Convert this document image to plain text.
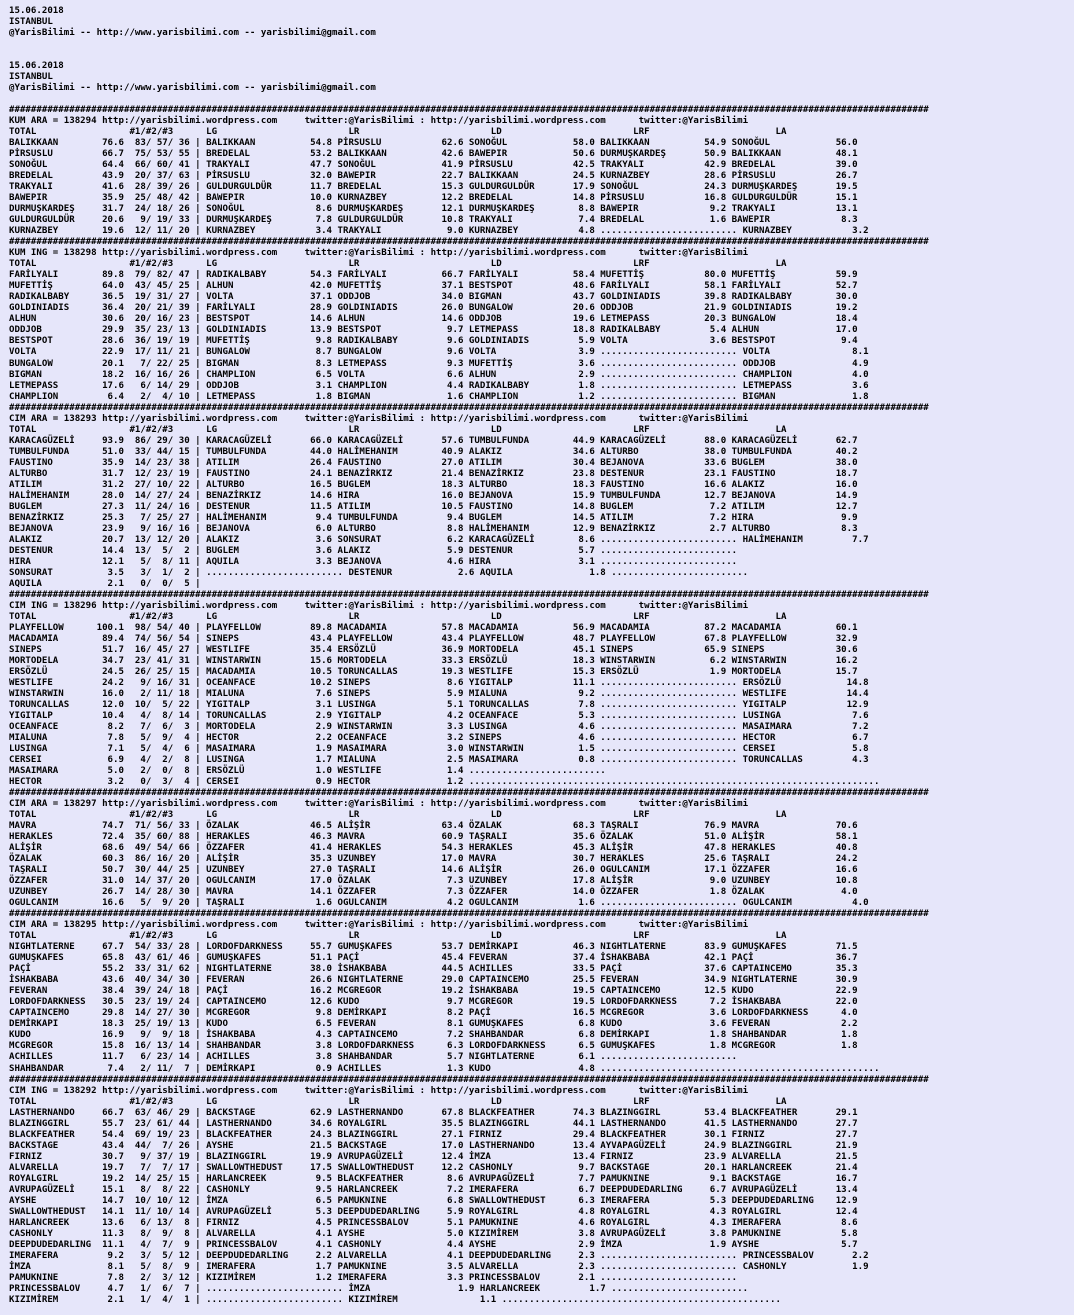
15.06.2018
ISTANBUL
@YarisBilimi -- http://www.yarisbilimi.com -- yarisbilimi@gmail.com

15.06.2018
ISTANBUL
@YarisBilimi -- http://www.yarisbilimi.com -- yarisbilimi@gmail.com

########################################################################################################################################################################
KUM ARA = 138294 http://yarisbilimi.wordpress.com     twitter:@YarisBilimi : http://yarisbilimi.wordpress.com      twitter:@YarisBilimi
TOTAL                 #1/#2/#3      LG                        LR                        LD                        LRF                       LA
BALIKKAAN        76.6  83/ 57/ 36 | BALIKKAAN          54.8 PİRSUSLU           62.6 SONOĞUL            58.0 BALIKKAAN          54.9 SONOĞUL            56.0
PİRSUSLU         66.7  75/ 53/ 55 | BREDELAL           53.2 BALIKKAAN          42.6 BAWEPIR            50.6 DURMUŞKARDEŞ       50.9 BALIKKAAN          48.1
SONOĞUL          64.4  66/ 60/ 41 | TRAKYALI           47.7 SONOĞUL            41.9 PİRSUSLU           42.5 TRAKYALI           42.9 BREDELAL           39.0
BREDELAL         43.9  20/ 37/ 63 | PİRSUSLU           32.0 BAWEPIR            22.7 BALIKKAAN          24.5 KURNAZBEY          28.6 PİRSUSLU           26.7
TRAKYALI         41.6  28/ 39/ 26 | GULDURGULDÜR       11.7 BREDELAL           15.3 GULDURGULDÜR       17.9 SONOĞUL            24.3 DURMUŞKARDEŞ       19.5
BAWEPIR          35.9  25/ 48/ 42 | BAWEPIR            10.0 KURNAZBEY          12.2 BREDELAL           14.8 PİRSUSLU           16.8 GULDURGULDÜR       15.1
DURMUŞKARDEŞ     31.7  24/ 18/ 26 | SONOĞUL             8.6 DURMUŞKARDEŞ       12.1 DURMUŞKARDEŞ        8.8 BAWEPIR             9.2 TRAKYALI           13.1
GULDURGULDÜR     20.6   9/ 19/ 33 | DURMUŞKARDEŞ        7.8 GULDURGULDÜR       10.8 TRAKYALI            7.4 BREDELAL            1.6 BAWEPIR             8.3
KURNAZBEY        19.6  12/ 11/ 20 | KURNAZBEY           3.4 TRAKYALI            9.0 KURNAZBEY           4.8 ......................... KURNAZBEY           3.2
########################################################################################################################################################################
KUM ING = 138298 http://yarisbilimi.wordpress.com     twitter:@YarisBilimi : http://yarisbilimi.wordpress.com      twitter:@YarisBilimi
TOTAL                 #1/#2/#3      LG                        LR                        LD                        LRF                       LA
FARİLYALI        89.8  79/ 82/ 47 | RADIKALBABY        54.3 FARİLYALI          66.7 FARİLYALI          58.4 MUFETTİŞ           80.0 MUFETTİŞ           59.9
MUFETTİŞ         64.0  43/ 45/ 25 | ALHUN              42.0 MUFETTİŞ           37.1 BESTSPOT           48.6 FARİLYALI          58.1 FARİLYALI          52.7
RADIKALBABY      36.5  19/ 31/ 27 | VOLTA              37.1 ODDJOB             34.0 BIGMAN             43.7 GOLDINIADIS        39.8 RADIKALBABY        30.0
GOLDINIADIS      36.4  20/ 21/ 39 | FARİLYALI          28.9 GOLDINIADIS        26.0 BUNGALOW           20.6 ODDJOB             21.9 GOLDINIADIS        19.2
ALHUN            30.6  20/ 16/ 23 | BESTSPOT           14.6 ALHUN              14.6 ODDJOB             19.6 LETMEPASS          20.3 BUNGALOW           18.4
ODDJOB           29.9  35/ 23/ 13 | GOLDINIADIS        13.9 BESTSPOT            9.7 LETMEPASS          18.8 RADIKALBABY         5.4 ALHUN              17.0
BESTSPOT         28.6  36/ 19/ 19 | MUFETTİŞ            9.8 RADIKALBABY         9.6 GOLDINIADIS         5.9 VOLTA               3.6 BESTSPOT            9.4
VOLTA            22.9  17/ 11/ 21 | BUNGALOW            8.7 BUNGALOW            9.6 VOLTA               3.9 ......................... VOLTA               8.1
BUNGALOW         20.1   7/ 22/ 25 | BIGMAN              8.3 LETMEPASS           9.3 MUFETTİŞ            3.6 ......................... ODDJOB              4.9
BIGMAN           18.2  16/ 16/ 26 | CHAMPLION           6.5 VOLTA               6.6 ALHUN               2.9 ......................... CHAMPLION           4.0
LETMEPASS        17.6   6/ 14/ 29 | ODDJOB              3.1 CHAMPLION           4.4 RADIKALBABY         1.8 ......................... LETMEPASS           3.6
CHAMPLION         6.4   2/  4/ 10 | LETMEPASS           1.8 BIGMAN              1.6 CHAMPLION           1.2 ......................... BIGMAN              1.8
########################################################################################################################################################################
CIM ARA = 138293 http://yarisbilimi.wordpress.com     twitter:@YarisBilimi : http://yarisbilimi.wordpress.com      twitter:@YarisBilimi
TOTAL                 #1/#2/#3      LG                        LR                        LD                        LRF                       LA
KARACAGÜZELİ     93.9  86/ 29/ 30 | KARACAGÜZELİ       66.0 KARACAGÜZELİ       57.6 TUMBULFUNDA        44.9 KARACAGÜZELİ       88.0 KARACAGÜZELİ       62.7
TUMBULFUNDA      51.0  33/ 44/ 15 | TUMBULFUNDA        44.0 HALİMEHANIM        40.9 ALAKIZ             34.6 ALTURBO            38.0 TUMBULFUNDA        40.2
FAUSTINO         35.9  14/ 23/ 38 | ATILIM             26.4 FAUSTINO           27.0 ATILIM             30.4 BEJANOVA           33.6 BUGLEM             38.0
ALTURBO          31.7  12/ 23/ 19 | FAUSTINO           24.1 BENAZİRKIZ         21.4 BENAZİRKIZ         23.8 DESTENUR           23.1 FAUSTINO           18.7
ATILIM           31.2  27/ 10/ 22 | ALTURBO            16.5 BUGLEM             18.3 ALTURBO            18.3 FAUSTINO           16.6 ALAKIZ             16.0
HALİMEHANIM      28.0  14/ 27/ 24 | BENAZİRKIZ         14.6 HIRA               16.0 BEJANOVA           15.9 TUMBULFUNDA        12.7 BEJANOVA           14.9
BUGLEM           27.3  11/ 24/ 16 | DESTENUR           11.5 ATILIM             10.5 FAUSTINO           14.8 BUGLEM              7.2 ATILIM             12.7
BENAZİRKIZ       25.3   7/ 25/ 27 | HALİMEHANIM         9.4 TUMBULFUNDA         9.4 BUGLEM             14.5 ATILIM              7.2 HIRA                9.9
BEJANOVA         23.9   9/ 16/ 16 | BEJANOVA            6.0 ALTURBO             8.8 HALİMEHANIM        12.9 BENAZİRKIZ          2.7 ALTURBO             8.3
ALAKIZ           20.7  13/ 12/ 20 | ALAKIZ              3.6 SONSURAT            6.2 KARACAGÜZELİ        8.6 ......................... HALİMEHANIM         7.7
DESTENUR         14.4  13/  5/  2 | BUGLEM              3.6 ALAKIZ              5.9 DESTENUR            5.7 .........................
HIRA             12.1   5/  8/ 11 | AQUILA              3.3 BEJANOVA            4.6 HIRA                3.1 .........................
SONSURAT          3.5   3/  1/  2 | ......................... DESTENUR            2.6 AQUILA              1.8 .........................
AQUILA            2.1   0/  0/  5 |
########################################################################################################################################################################
CIM ING = 138296 http://yarisbilimi.wordpress.com     twitter:@YarisBilimi : http://yarisbilimi.wordpress.com      twitter:@YarisBilimi
TOTAL                 #1/#2/#3      LG                        LR                        LD                        LRF                       LA
PLAYFELLOW      100.1  98/ 54/ 40 | PLAYFELLOW         89.8 MACADAMIA          57.8 MACADAMIA          56.9 MACADAMIA          87.2 MACADAMIA          60.1
MACADAMIA        89.4  74/ 56/ 54 | SINEPS             43.4 PLAYFELLOW         43.4 PLAYFELLOW         48.7 PLAYFELLOW         67.8 PLAYFELLOW         32.9
SINEPS           51.7  16/ 45/ 27 | WESTLIFE           35.4 ERSÖZLÜ            36.9 MORTODELA          45.1 SINEPS             65.9 SINEPS             30.6
MORTODELA        34.7  23/ 41/ 31 | WINSTARWIN         15.6 MORTODELA          33.3 ERSÖZLÜ            18.3 WINSTARWIN          6.2 WINSTARWIN         16.2
ERSÖZLÜ          24.5  26/ 25/ 15 | MACADAMIA          10.5 TORUNCALLAS        19.3 WESTLIFE           15.3 ERSÖZLÜ             1.9 MORTODELA          15.7
WESTLIFE         24.2   9/ 16/ 31 | OCEANFACE          10.2 SINEPS              8.6 YIGITALP           11.1 ......................... ERSÖZLÜ            14.8
WINSTARWIN       16.0   2/ 11/ 18 | MIALUNA             7.6 SINEPS              5.9 MIALUNA             9.2 ......................... WESTLIFE           14.4
TORUNCALLAS      12.0  10/  5/ 22 | YIGITALP            3.1 LUSINGA             5.1 TORUNCALLAS         7.8 ......................... YIGITALP           12.9
YIGITALP         10.4   4/  8/ 14 | TORUNCALLAS         2.9 YIGITALP            4.2 OCEANFACE           5.3 ......................... LUSINGA             7.6
OCEANFACE         8.2   7/  6/  3 | MORTODELA           2.9 WINSTARWIN          3.3 LUSINGA             4.6 ......................... MASAIMARA           7.2
MIALUNA           7.8   5/  9/  4 | HECTOR              2.2 OCEANFACE           3.2 SINEPS              4.6 ......................... HECTOR              6.7
LUSINGA           7.1   5/  4/  6 | MASAIMARA           1.9 MASAIMARA           3.0 WINSTARWIN          1.5 ......................... CERSEI              5.8
CERSEI            6.9   4/  2/  8 | LUSINGA             1.7 MIALUNA             2.5 MASAIMARA           0.8 ......................... TORUNCALLAS         4.3
MASAIMARA         5.0   2/  0/  8 | ERSÖZLÜ             1.0 WESTLIFE            1.4 .........................
HECTOR            3.2   0/  3/  4 | CERSEI              0.9 HECTOR              1.2 ...........................................................................
########################################################################################################################################################################
CIM ARA = 138297 http://yarisbilimi.wordpress.com     twitter:@YarisBilimi : http://yarisbilimi.wordpress.com      twitter:@YarisBilimi
TOTAL                 #1/#2/#3      LG                        LR                        LD                        LRF                       LA
MAVRA            74.7  71/ 56/ 33 | ÖZALAK             46.5 ALİŞİR             63.4 ÖZALAK             68.3 TAŞRALI            76.9 MAVRA              70.6
HERAKLES         72.4  35/ 60/ 88 | HERAKLES           46.3 MAVRA              60.9 TAŞRALI            35.6 ÖZALAK             51.0 ALİŞİR             58.1
ALİŞİR           68.6  49/ 54/ 66 | ÖZZAFER            41.4 HERAKLES           54.3 HERAKLES           45.3 ALİŞİR             47.8 HERAKLES           40.8
ÖZALAK           60.3  86/ 16/ 20 | ALİŞİR             35.3 UZUNBEY            17.0 MAVRA              30.7 HERAKLES           25.6 TAŞRALI            24.2
TAŞRALI          50.7  30/ 44/ 25 | UZUNBEY            27.0 TAŞRALI            14.6 ALİŞİR             26.0 OGULCANIM          17.1 ÖZZAFER            16.6
ÖZZAFER          31.0  14/ 37/ 20 | OGULCANIM          17.0 ÖZALAK              7.3 UZUNBEY            17.8 ALİŞİR              9.0 UZUNBEY            10.8
UZUNBEY          26.7  14/ 28/ 30 | MAVRA              14.1 ÖZZAFER             7.3 ÖZZAFER            14.0 ÖZZAFER             1.8 ÖZALAK              4.0
OGULCANIM        16.6   5/  9/ 20 | TAŞRALI             1.6 OGULCANIM           4.2 OGULCANIM           1.6 ......................... OGULCANIM           4.0
########################################################################################################################################################################
CIM ARA = 138295 http://yarisbilimi.wordpress.com     twitter:@YarisBilimi : http://yarisbilimi.wordpress.com      twitter:@YarisBilimi
TOTAL                 #1/#2/#3      LG                        LR                        LD                        LRF                       LA
NIGHTLATERNE     67.7  54/ 33/ 28 | LORDOFDARKNESS     55.7 GUMUŞKAFES         53.7 DEMİRKAPI          46.3 NIGHTLATERNE       83.9 GUMUŞKAFES         71.5
GUMUŞKAFES       65.8  43/ 61/ 46 | GUMUŞKAFES         51.1 PAÇİ               45.4 FEVERAN            37.4 İSHAKBABA          42.1 PAÇİ               36.7
PAÇİ             55.2  33/ 31/ 62 | NIGHTLATERNE       38.0 İSHAKBABA          44.5 ACHILLES           33.5 PAÇİ               37.6 CAPTAINCEMO        35.3
İSHAKBABA        43.6  40/ 34/ 30 | FEVERAN            26.6 NIGHTLATERNE       29.0 CAPTAINCEMO        25.5 FEVERAN            34.9 NIGHTLATERNE       30.9
FEVERAN          38.4  39/ 24/ 18 | PAÇİ               16.2 MCGREGOR           19.2 İSHAKBABA          19.5 CAPTAINCEMO        12.5 KUDO               22.9
LORDOFDARKNESS   30.5  23/ 19/ 24 | CAPTAINCEMO        12.6 KUDO                9.7 MCGREGOR           19.5 LORDOFDARKNESS      7.2 İSHAKBABA          22.0
CAPTAINCEMO      29.8  14/ 27/ 30 | MCGREGOR            9.8 DEMİRKAPI           8.2 PAÇİ               16.5 MCGREGOR            3.6 LORDOFDARKNESS      4.0
DEMİRKAPI        18.3  25/ 19/ 13 | KUDO                6.5 FEVERAN             8.1 GUMUŞKAFES          6.8 KUDO                3.6 FEVERAN             2.2
KUDO             16.9   9/  9/ 18 | İSHAKBABA           4.3 CAPTAINCEMO         7.2 SHAHBANDAR          6.8 DEMİRKAPI           1.8 SHAHBANDAR          1.8
MCGREGOR         15.8  16/ 13/ 14 | SHAHBANDAR          3.8 LORDOFDARKNESS      6.3 LORDOFDARKNESS      6.5 GUMUŞKAFES          1.8 MCGREGOR            1.8
ACHILLES         11.7   6/ 23/ 14 | ACHILLES            3.8 SHAHBANDAR          5.7 NIGHTLATERNE        6.1 .........................
SHAHBANDAR        7.4   2/ 11/  7 | DEMİRKAPI           0.9 ACHILLES            1.3 KUDO                4.8 ...................................................
########################################################################################################################################################################
CIM ING = 138292 http://yarisbilimi.wordpress.com     twitter:@YarisBilimi : http://yarisbilimi.wordpress.com      twitter:@YarisBilimi
TOTAL                 #1/#2/#3      LG                        LR                        LD                        LRF                       LA
LASTHERNANDO     66.7  63/ 46/ 29 | BACKSTAGE          62.9 LASTHERNANDO       67.8 BLACKFEATHER       74.3 BLAZINGGIRL        53.4 BLACKFEATHER       29.1
BLAZINGGIRL      55.7  23/ 61/ 44 | LASTHERNANDO       34.6 ROYALGIRL          35.5 BLAZINGGIRL        44.1 LASTHERNANDO       41.5 LASTHERNANDO       27.7
BLACKFEATHER     54.4  69/ 19/ 23 | BLACKFEATHER       24.3 BLAZINGGIRL        27.1 FIRNIZ             29.4 BLACKFEATHER       30.1 FIRNIZ             27.7
BACKSTAGE        43.4  44/  7/ 26 | AYSHE              21.5 BACKSTAGE          17.0 LASTHERNANDO       13.4 AYVAPAGÜZELİ       24.9 BLAZINGGIRL        21.9
FIRNIZ           30.7   9/ 37/ 19 | BLAZINGGIRL        19.9 AVRUPAGÜZELİ       12.4 İMZA               13.4 FIRNIZ             23.9 ALVARELLA          21.5
ALVARELLA        19.7   7/  7/ 17 | SWALLOWTHEDUST     17.5 SWALLOWTHEDUST     12.2 CASHONLY            9.7 BACKSTAGE          20.1 HARLANCREEK        21.4
ROYALGIRL        19.2  14/ 25/ 15 | HARLANCREEK         9.5 BLACKFEATHER        8.6 AVRUPAGÜZELİ        7.7 PAMUKNINE           9.1 BACKSTAGE          16.7
AVRUPAGÜZELİ     15.1   8/  8/ 22 | CASHONLY            9.5 HARLANCREEK         7.2 IMERAFERA           6.7 DEEPDUDEDARLING     6.7 AVRUPAGÜZELİ       13.4
AYSHE            14.7  10/ 10/ 12 | İMZA                6.5 PAMUKNINE           6.8 SWALLOWTHEDUST      6.3 IMERAFERA           5.3 DEEPDUDEDARLING    12.9
SWALLOWTHEDUST   14.1  11/ 10/ 14 | AVRUPAGÜZELİ        5.3 DEEPDUDEDARLING     5.9 ROYALGIRL           4.8 ROYALGIRL           4.3 ROYALGIRL          12.4
HARLANCREEK      13.6   6/ 13/  8 | FIRNIZ              4.5 PRINCESSBALOV       5.1 PAMUKNINE           4.6 ROYALGIRL           4.3 IMERAFERA           8.6
CASHONLY         11.3   8/  9/  8 | ALVARELLA           4.1 AYSHE               5.0 KIZIMİREM           3.8 AVRUPAGÜZELİ        3.8 PAMUKNINE           5.8
DEEPDUDEDARLING  11.1   4/  7/  9 | PRINCESSBALOV       4.1 CASHONLY            4.4 AYSHE               2.9 İMZA                1.9 AYSHE               5.7
IMERAFERA         9.2   3/  5/ 12 | DEEPDUDEDARLING     2.2 ALVARELLA           4.1 DEEPDUDEDARLING     2.3 ......................... PRINCESSBALOV       2.2
İMZA              8.1   5/  8/  9 | IMERAFERA           1.7 PAMUKNINE           3.5 ALVARELLA           2.3 ......................... CASHONLY            1.9
PAMUKNINE         7.8   2/  3/ 12 | KIZIMİREM           1.2 IMERAFERA           3.3 PRINCESSBALOV       2.1 .........................
PRINCESSBALOV     4.7   1/  6/  7 | ......................... İMZA                1.9 HARLANCREEK         1.7 .........................
KIZIMİREM         2.1   1/  4/  1 | ......................... KIZIMİREM               1.1 ...................................................
